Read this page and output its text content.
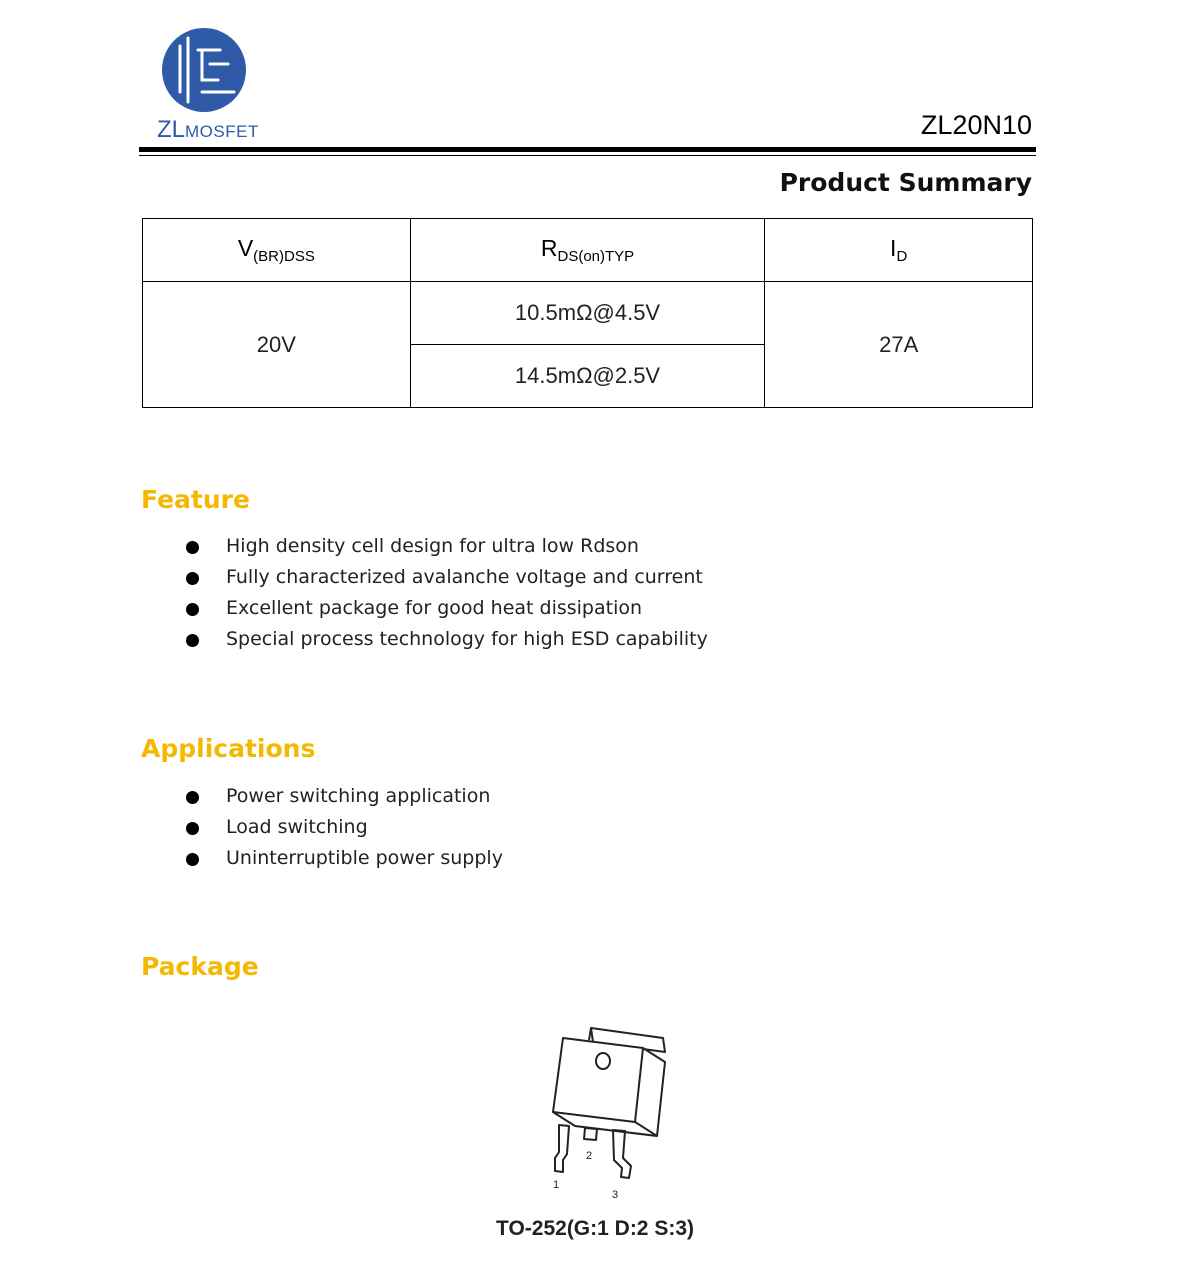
ZLMOSFET	ZL20N10
Product Summary
$V_{(BR)DSS}$	$R_{DS(on)TYP}$	$I_D$
20V	10.5mΩ@4.5V	27A
	14.5mΩ@2.5V	
Feature
High density cell design for ultra low Rdson
Fully characterized avalanche voltage and current
Excellent package for good heat dissipation
Special process technology for high ESD capability
Applications
Power switching application
Load switching
Uninterruptible power supply
Package
1
2
3
TO-252(G:1 D:2 S:3)
